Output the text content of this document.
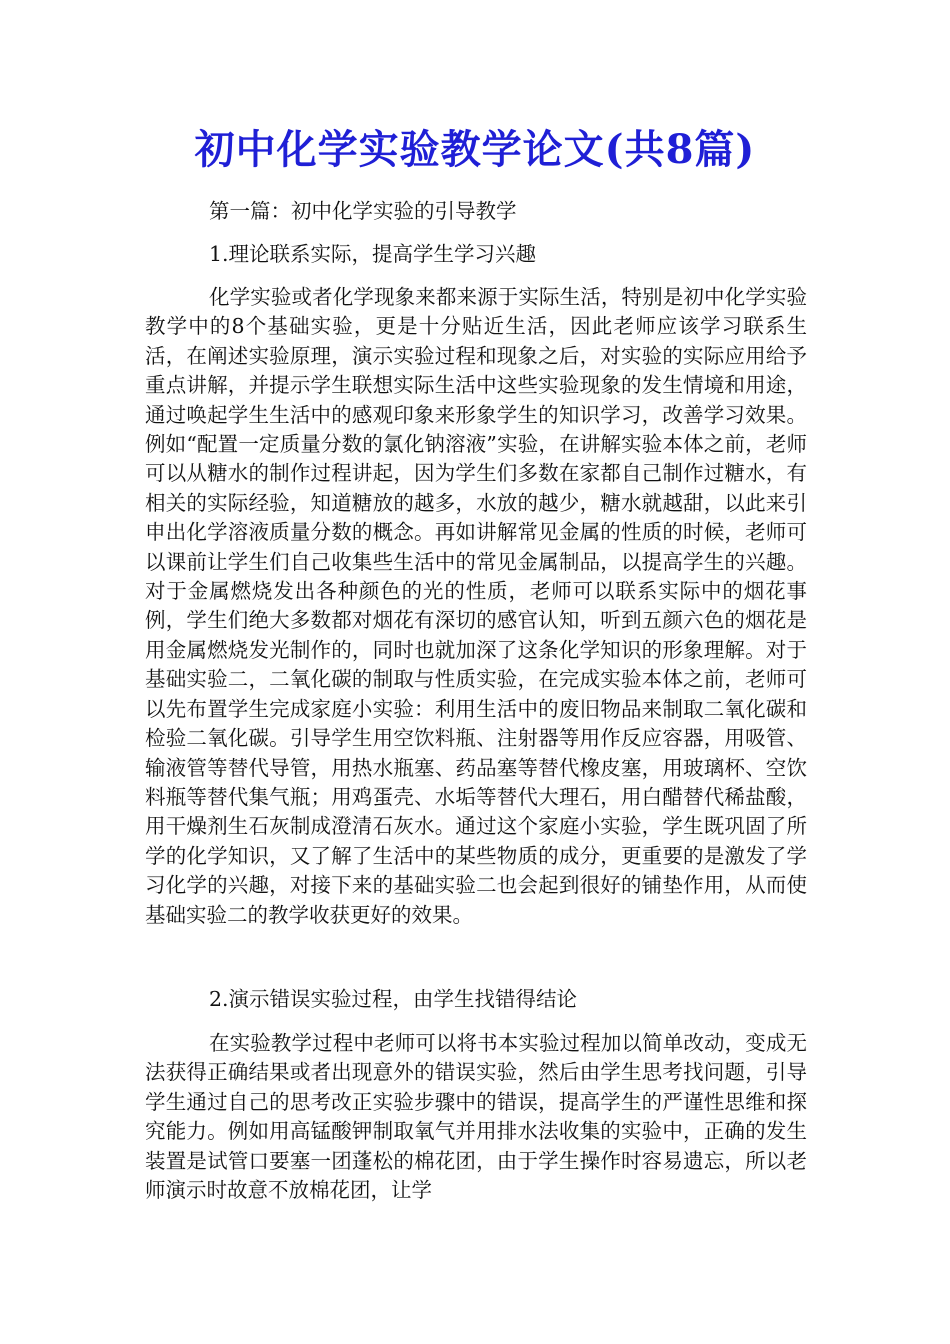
初中化学实验教学论文(共8篇)
第一篇：初中化学实验的引导教学
1.理论联系实际，提高学生学习兴趣
化学实验或者化学现象来都来源于实际生活，特别是初中化学实验教学中的8个基础实验，更是十分贴近生活，因此老师应该学习联系生活，在阐述实验原理，演示实验过程和现象之后，对实验的实际应用给予重点讲解，并提示学生联想实际生活中这些实验现象的发生情境和用途，通过唤起学生生活中的感观印象来形象学生的知识学习，改善学习效果。例如“配置一定质量分数的氯化钠溶液”实验，在讲解实验本体之前，老师可以从糖水的制作过程讲起，因为学生们多数在家都自己制作过糖水，有相关的实际经验，知道糖放的越多，水放的越少，糖水就越甜，以此来引申出化学溶液质量分数的概念。再如讲解常见金属的性质的时候，老师可以课前让学生们自己收集些生活中的常见金属制品，以提高学生的兴趣。对于金属燃烧发出各种颜色的光的性质，老师可以联系实际中的烟花事例，学生们绝大多数都对烟花有深切的感官认知，听到五颜六色的烟花是用金属燃烧发光制作的，同时也就加深了这条化学知识的形象理解。对于基础实验二，二氧化碳的制取与性质实验，在完成实验本体之前，老师可以先布置学生完成家庭小实验：利用生活中的废旧物品来制取二氧化碳和检验二氧化碳。引导学生用空饮料瓶、注射器等用作反应容器，用吸管、输液管等替代导管，用热水瓶塞、药品塞等替代橡皮塞，用玻璃杯、空饮料瓶等替代集气瓶；用鸡蛋壳、水垢等替代大理石，用白醋替代稀盐酸，用干燥剂生石灰制成澄清石灰水。通过这个家庭小实验，学生既巩固了所学的化学知识，又了解了生活中的某些物质的成分，更重要的是激发了学习化学的兴趣，对接下来的基础实验二也会起到很好的铺垫作用，从而使基础实验二的教学收获更好的效果。
2.演示错误实验过程，由学生找错得结论
在实验教学过程中老师可以将书本实验过程加以简单改动，变成无法获得正确结果或者出现意外的错误实验，然后由学生思考找问题，引导学生通过自己的思考改正实验步骤中的错误，提高学生的严谨性思维和探究能力。例如用高锰酸钾制取氧气并用排水法收集的实验中，正确的发生装置是试管口要塞一团蓬松的棉花团，由于学生操作时容易遗忘，所以老师演示时故意不放棉花团，让学
